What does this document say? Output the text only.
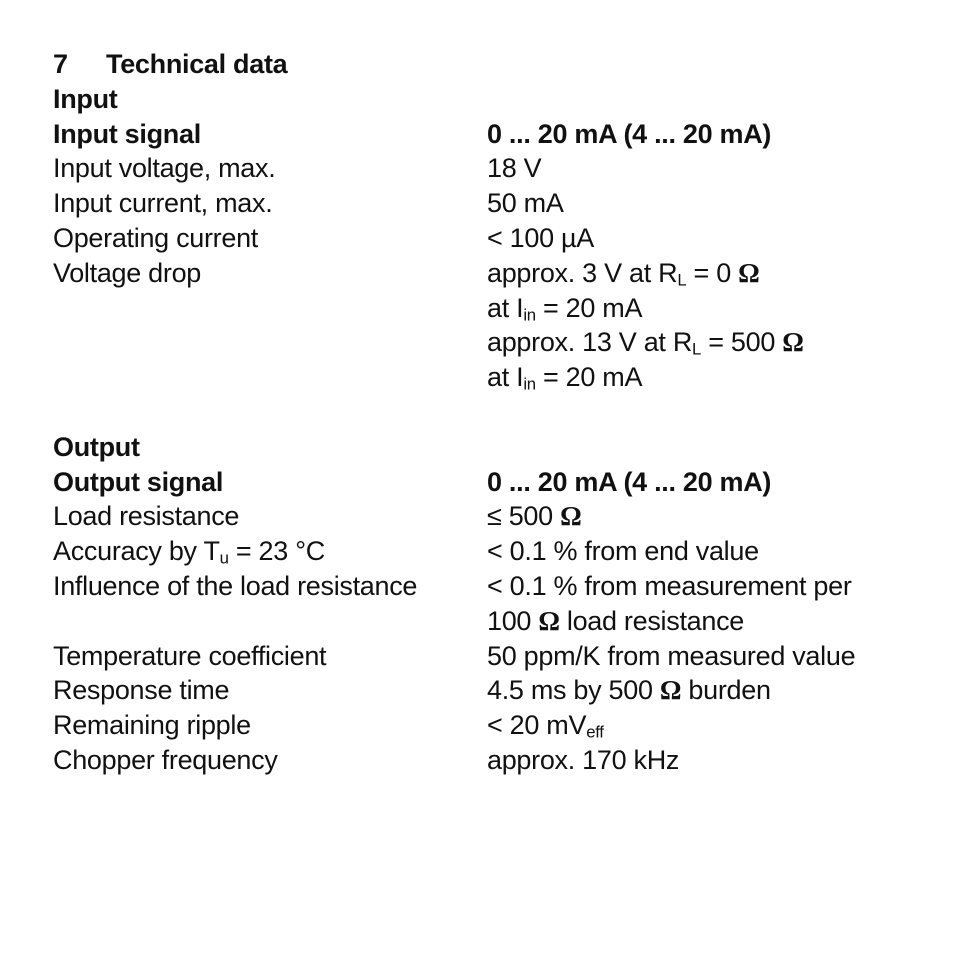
7 Technical data
Input
Input signal	0 ... 20 mA (4 ... 20 mA)
Input voltage, max.	18 V
Input current, max.	50 mA
Operating current	< 100 µA
Voltage drop	approx. 3 V at $R_L = 0$ Ω
at $I_{in} = 20$ mA
approx. 13 V at $R_L = 500$ Ω
at $I_{in} = 20$ mA
Output
Output signal	0 ... 20 mA (4 ... 20 mA)
Load resistance	≤ 500 Ω
Accuracy by $T_u = 23$ °C	< 0.1 % from end value
Influence of the load resistance	< 0.1 % from measurement per
100 Ω load resistance
Temperature coefficient	50 ppm/K from measured value
Response time	4.5 ms by 500 Ω burden
Remaining ripple	< 20 $mV_{eff}$
Chopper frequency	approx. 170 kHz
